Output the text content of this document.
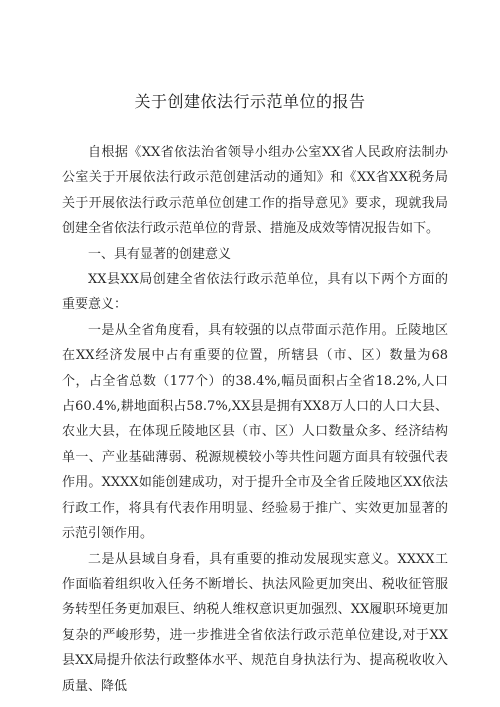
关于创建依法行示范单位的报告

自根据《XX省依法治省领导小组办公室XX省人民政府法制办公室关于开展依法行政示范创建活动的通知》和《XX省XX税务局关于开展依法行政示范单位创建工作的指导意见》要求，现就我局创建全省依法行政示范单位的背景、措施及成效等情况报告如下。

一、具有显著的创建意义

XX县XX局创建全省依法行政示范单位，具有以下两个方面的重要意义：

一是从全省角度看，具有较强的以点带面示范作用。丘陵地区在XX经济发展中占有重要的位置，所辖县（市、区）数量为68个，占全省总数（177个）的38.4%,幅员面积占全省18.2%,人口占60.4%,耕地面积占58.7%,XX县是拥有XX8万人口的人口大县、农业大县，在体现丘陵地区县（市、区）人口数量众多、经济结构单一、产业基础薄弱、税源规模较小等共性问题方面具有较强代表作用。XXXX如能创建成功，对于提升全市及全省丘陵地区XX依法行政工作，将具有代表作用明显、经验易于推广、实效更加显著的示范引领作用。

二是从县域自身看，具有重要的推动发展现实意义。XXXX工作面临着组织收入任务不断增长、执法风险更加突出、税收征管服务转型任务更加艰巨、纳税人维权意识更加强烈、XX履职环境更加复杂的严峻形势，进一步推进全省依法行政示范单位建设,对于XX县XX局提升依法行政整体水平、规范自身执法行为、提高税收收入质量、降低
